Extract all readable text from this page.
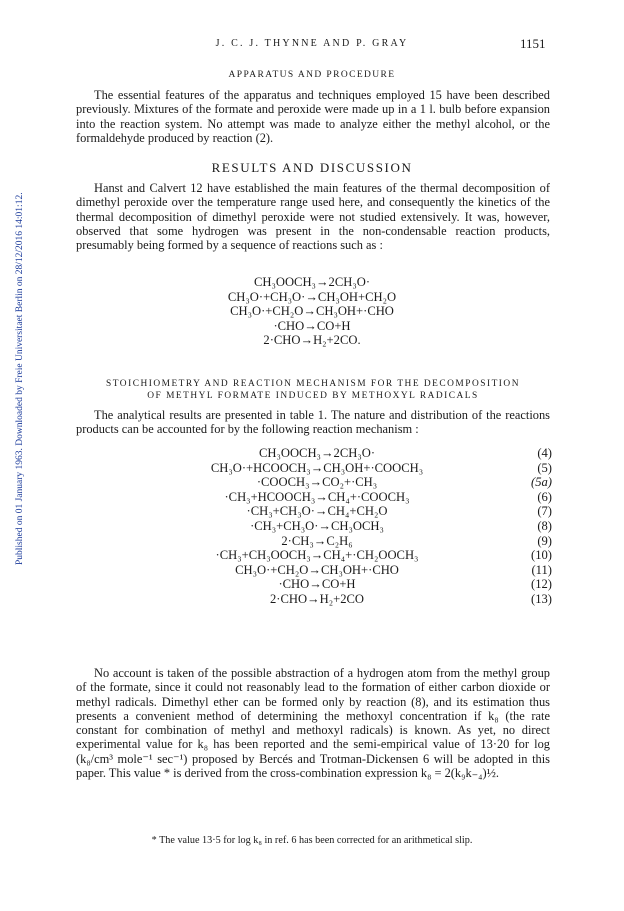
J. C. J. THYNNE AND P. GRAY	1151
Published on 01 January 1963. Downloaded by Freie Universitaet Berlin on 28/12/2016 14:01:12.
APPARATUS AND PROCEDURE

The essential features of the apparatus and techniques employed 15 have been described previously. Mixtures of the formate and peroxide were made up in a 1 l. bulb before expansion into the reaction system. No attempt was made to analyze either the methyl alcohol, or the formaldehyde produced by reaction (2).

RESULTS AND DISCUSSION

Hanst and Calvert 12 have established the main features of the thermal decomposition of dimethyl peroxide over the temperature range used here, and consequently the kinetics of the thermal decomposition of dimethyl peroxide were not studied extensively. It was, however, observed that some hydrogen was present in the non-condensable reaction products, presumably being formed by a sequence of reactions such as :

CH₃OOCH₃→2CH₃O·
CH₃O·+CH₃O·→CH₃OH+CH₂O
CH₃O·+CH₂O→CH₃OH+·CHO
·CHO→CO+H
2·CHO→H₂+2CO.
STOICHIOMETRY AND REACTION MECHANISM FOR THE DECOMPOSITION
OF METHYL FORMATE INDUCED BY METHOXYL RADICALS

The analytical results are presented in table 1. The nature and distribution of the reactions products can be accounted for by the following reaction mechanism :

CH₃OOCH₃→2CH₃O·	(4)
CH₃O·+HCOOCH₃→CH₃OH+·COOCH₃	(5)
·COOCH₃→CO₂+·CH₃	(5a)
·CH₃+HCOOCH₃→CH₄+·COOCH₃	(6)
·CH₃+CH₃O·→CH₄+CH₂O	(7)
·CH₃+CH₃O·→CH₃OCH₃	(8)
2·CH₃→C₂H₆	(9)
·CH₃+CH₃OOCH₃→CH₄+·CH₂OOCH₃	(10)
CH₃O·+CH₂O→CH₃OH+·CHO	(11)
·CHO→CO+H	(12)
2·CHO→H₂+2CO	(13)

No account is taken of the possible abstraction of a hydrogen atom from the methyl group of the formate, since it could not reasonably lead to the formation of either carbon dioxide or methyl radicals. Dimethyl ether can be formed only by reaction (8), and its estimation thus presents a convenient method of determining the methoxyl concentration if k₈ (the rate constant for combination of methyl and methoxyl radicals) is known. As yet, no direct experimental value for k₈ has been reported and the semi-empirical value of 13·20 for log (k₈/cm³ mole⁻¹ sec⁻¹) proposed by Bercés and Trotman-Dickensen 6 will be adopted in this paper. This value * is derived from the cross-combination expression k₈ = 2(k₉k₋₄)½.

* The value 13·5 for log k₈ in ref. 6 has been corrected for an arithmetical slip.
